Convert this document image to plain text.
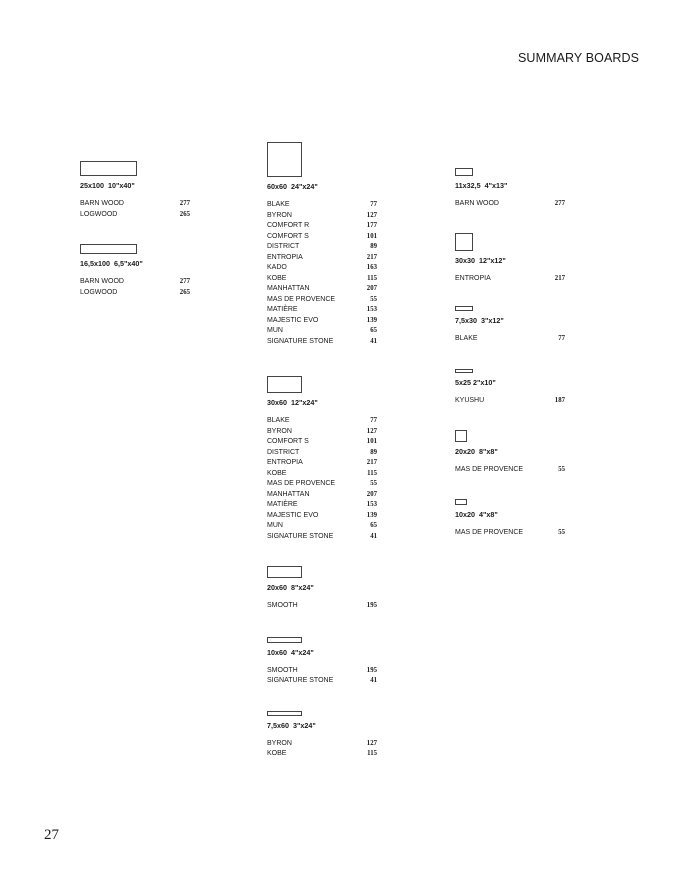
SUMMARY BOARDS
25x100  10"x40"
BARN WOOD	277
LOGWOOD	265
16,5x100  6,5"x40"
BARN WOOD	277
LOGWOOD	265
60x60  24"x24"
BLAKE	77
BYRON	127
COMFORT R	177
COMFORT S	101
DISTRICT	89
ENTROPIA	217
KADO	163
KOBE	115
MANHATTAN	207
MAS DE PROVENCE	55
MATIÈRE	153
MAJESTIC EVO	139
MUN	65
SIGNATURE STONE	41
30x60  12"x24"
BLAKE	77
BYRON	127
COMFORT S	101
DISTRICT	89
ENTROPIA	217
KOBE	115
MAS DE PROVENCE	55
MANHATTAN	207
MATIÈRE	153
MAJESTIC EVO	139
MUN	65
SIGNATURE STONE	41
20x60  8"x24"
SMOOTH	195
10x60  4"x24"
SMOOTH	195
SIGNATURE STONE	41
7,5x60  3"x24"
BYRON	127
KOBE	115
11x32,5  4"x13"
BARN WOOD	277
30x30  12"x12"
ENTROPIA	217
7,5x30  3"x12"
BLAKE	77
5x25 2"x10"
KYUSHU	187
20x20  8"x8"
MAS DE PROVENCE	55
10x20  4"x8"
MAS DE PROVENCE	55
27
